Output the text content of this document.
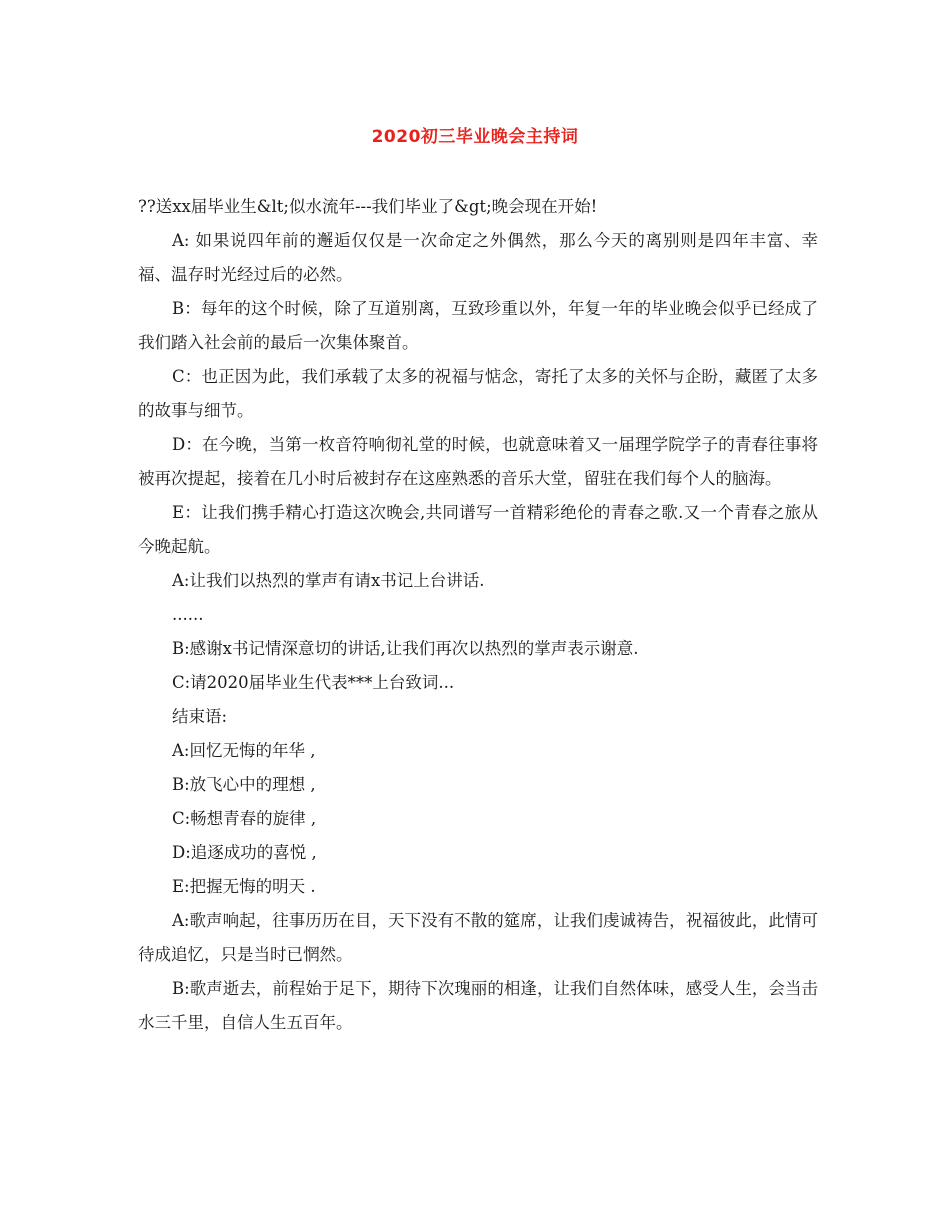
2020初三毕业晚会主持词

??送xx届毕业生&lt;似水流年---我们毕业了&gt;晚会现在开始!

A: 如果说四年前的邂逅仅仅是一次命定之外偶然，那么今天的离别则是四年丰富、幸福、温存时光经过后的必然。

B：每年的这个时候，除了互道别离，互致珍重以外，年复一年的毕业晚会似乎已经成了我们踏入社会前的最后一次集体聚首。

C：也正因为此，我们承载了太多的祝福与惦念，寄托了太多的关怀与企盼，藏匿了太多的故事与细节。

D：在今晚，当第一枚音符响彻礼堂的时候，也就意味着又一届理学院学子的青春往事将被再次提起，接着在几小时后被封存在这座熟悉的音乐大堂，留驻在我们每个人的脑海。

E：让我们携手精心打造这次晚会,共同谱写一首精彩绝伦的青春之歌.又一个青春之旅从今晚起航。

A:让我们以热烈的掌声有请x书记上台讲话.

......

B:感谢x书记情深意切的讲话,让我们再次以热烈的掌声表示谢意.

C:请2020届毕业生代表***上台致词...

结束语:

A:回忆无悔的年华 ,

B:放飞心中的理想 ,

C:畅想青春的旋律 ,

D:追逐成功的喜悦 ,

E:把握无悔的明天 .

A:歌声响起，往事历历在目，天下没有不散的筵席，让我们虔诚祷告，祝福彼此，此情可待成追忆，只是当时已惘然。

B:歌声逝去，前程始于足下，期待下次瑰丽的相逢，让我们自然体味，感受人生，会当击水三千里，自信人生五百年。
